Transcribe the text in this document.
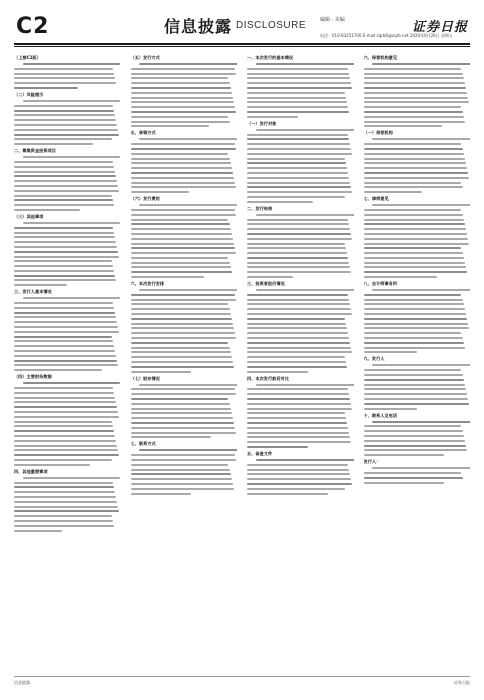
C2	信息披露 DISCLOSURE	编辑 · 美编
电话：010-83251700 E-mail:zqrb6@zqrb.net 2020年6月26日 星期五
证券日报
（上接C1版）
（二）风险提示
二、募集资金投资项目
（三）其他事项
三、发行人基本情况
（四）主要财务数据
四、其他重要事项
（五）发行方式
五、承销方式
（六）发行费用
六、本次发行安排
（七）股东情况
七、联系方式
一、本次发行的基本情况
（一）发行对象
二、发行结果
三、投资者报价情况
四、本次发行前后对比
五、备查文件
六、保荐机构意见
（一）保荐机构
七、律师意见
八、会计师事务所
九、发行人
十、联系人及电话
发行人：
信息披露	证券日报
